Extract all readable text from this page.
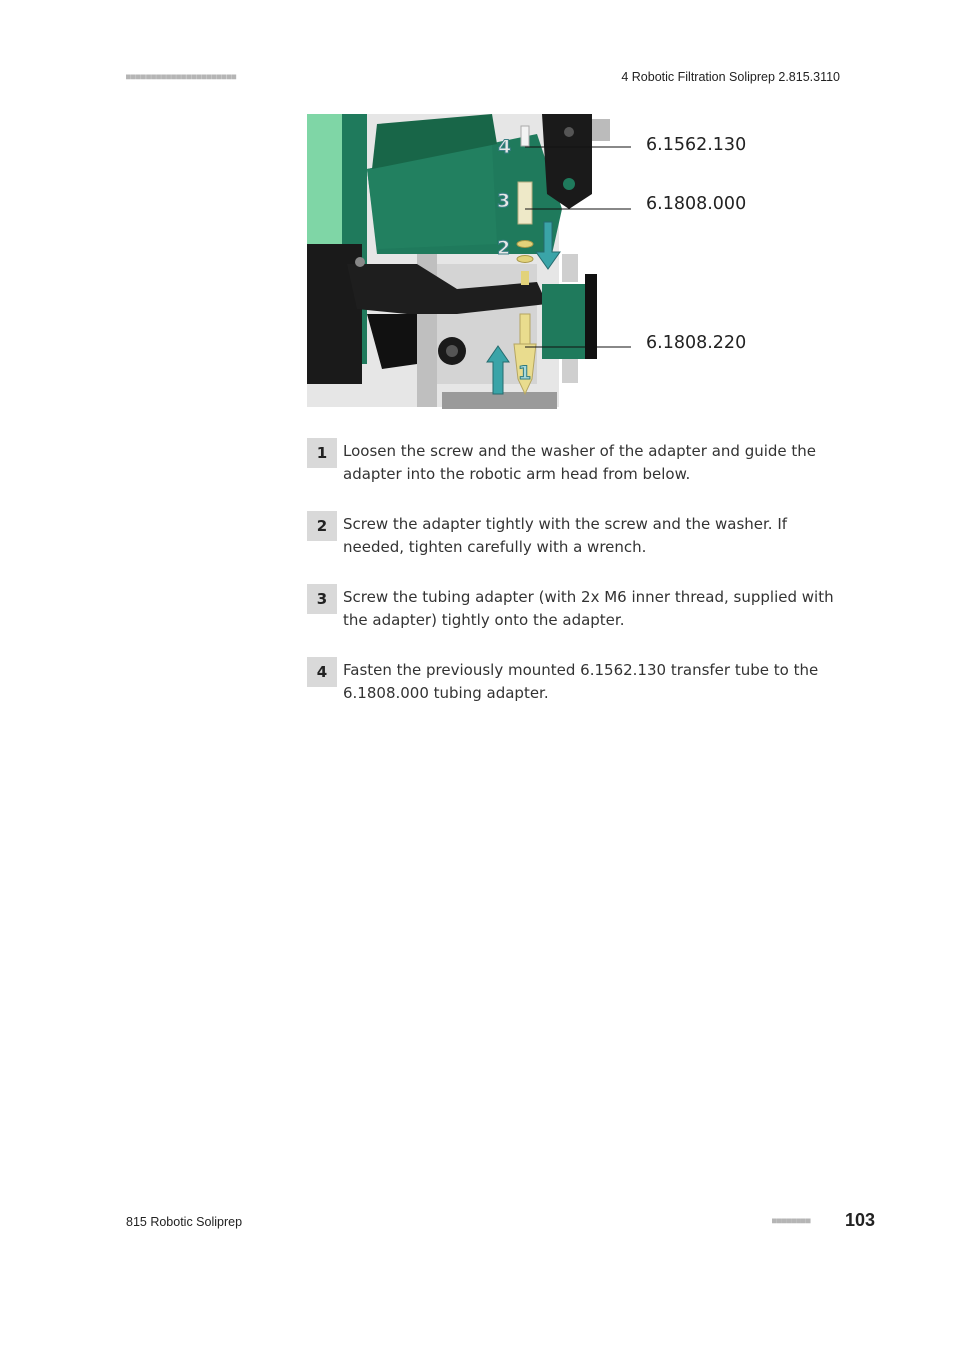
■■■■■■■■■■■■■■■■■■■■■■	4 Robotic Filtration Soliprep 2.815.3110
4
3
2
1
6.1562.130
6.1808.000
6.1808.220
1	Loosen the screw and the washer of the adapter and guide the adapter into the robotic arm head from below.
2	Screw the adapter tightly with the screw and the washer. If needed, tighten carefully with a wrench.
3	Screw the tubing adapter (with 2x M6 inner thread, supplied with the adapter) tightly onto the adapter.
4	Fasten the previously mounted 6.1562.130 transfer tube to the 6.1808.000 tubing adapter.
815 Robotic Soliprep	■■■■■■■■ 103
